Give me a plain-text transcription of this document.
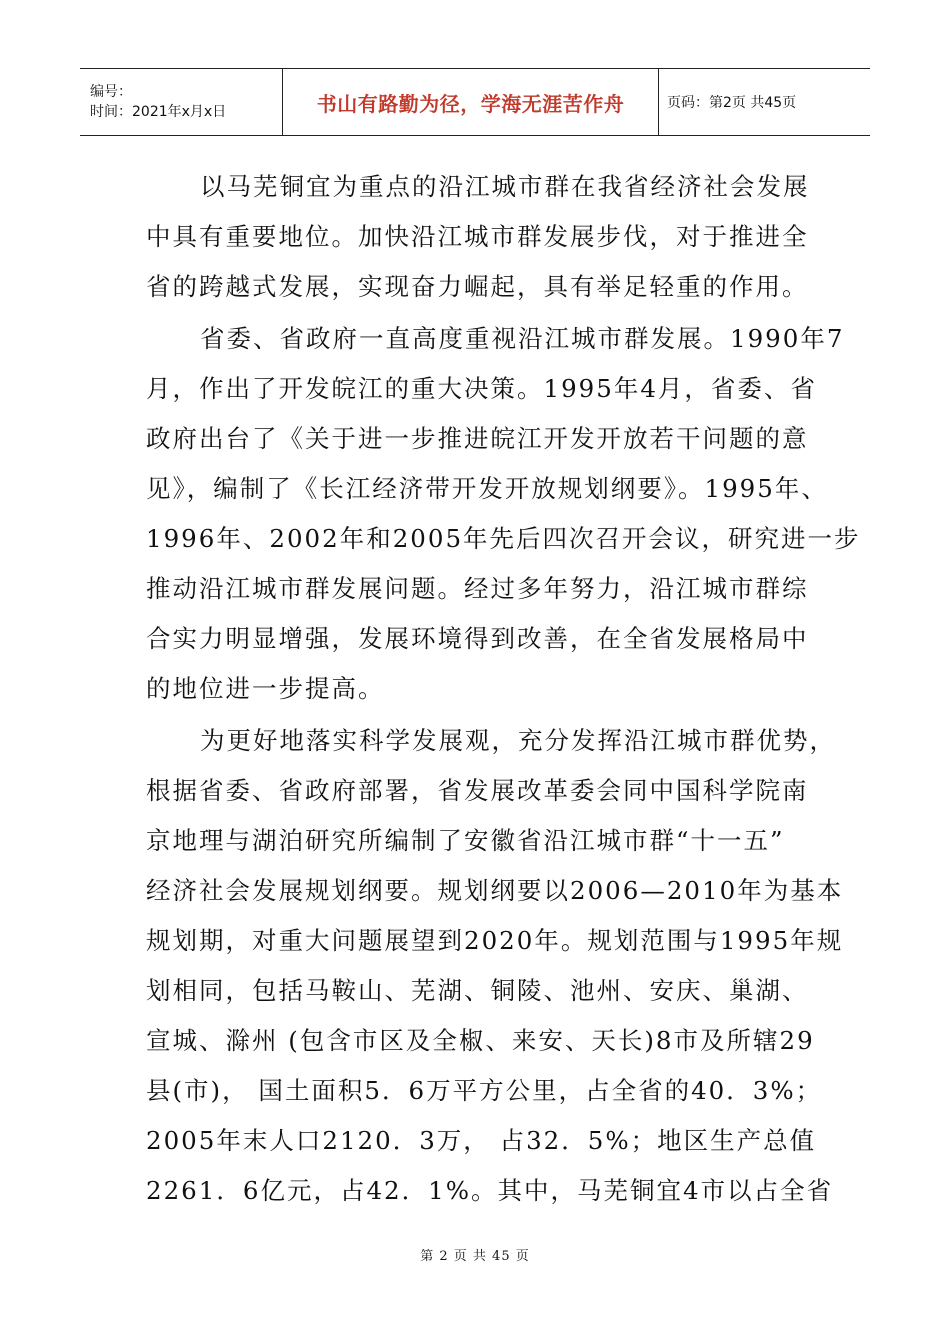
编号：
时间：2021年x月x日	书山有路勤为径，学海无涯苦作舟	页码：第2页 共45页
以马芜铜宜为重点的沿江城市群在我省经济社会发展
中具有重要地位。加快沿江城市群发展步伐，对于推进全
省的跨越式发展，实现奋力崛起，具有举足轻重的作用。
省委、省政府一直高度重视沿江城市群发展。1990年7
月，作出了开发皖江的重大决策。1995年4月，省委、省
政府出台了《关于进一步推进皖江开发开放若干问题的意
见》，编制了《长江经济带开发开放规划纲要》。1995年、
1996年、2002年和2005年先后四次召开会议，研究进一步
推动沿江城市群发展问题。经过多年努力，沿江城市群综
合实力明显增强，发展环境得到改善，在全省发展格局中
的地位进一步提高。
为更好地落实科学发展观，充分发挥沿江城市群优势，
根据省委、省政府部署，省发展改革委会同中国科学院南
京地理与湖泊研究所编制了安徽省沿江城市群“十一五”
经济社会发展规划纲要。规划纲要以2006—2010年为基本
规划期，对重大问题展望到2020年。规划范围与1995年规
划相同，包括马鞍山、芜湖、铜陵、池州、安庆、巢湖、
宣城、滁州 (包含市区及全椒、来安、天长)8市及所辖29
县(市)， 国土面积5．6万平方公里，占全省的40．3%；
2005年末人口2120．3万， 占32．5%；地区生产总值
2261．6亿元，占42．1%。其中，马芜铜宜4市以占全省
第 2 页 共 45 页
